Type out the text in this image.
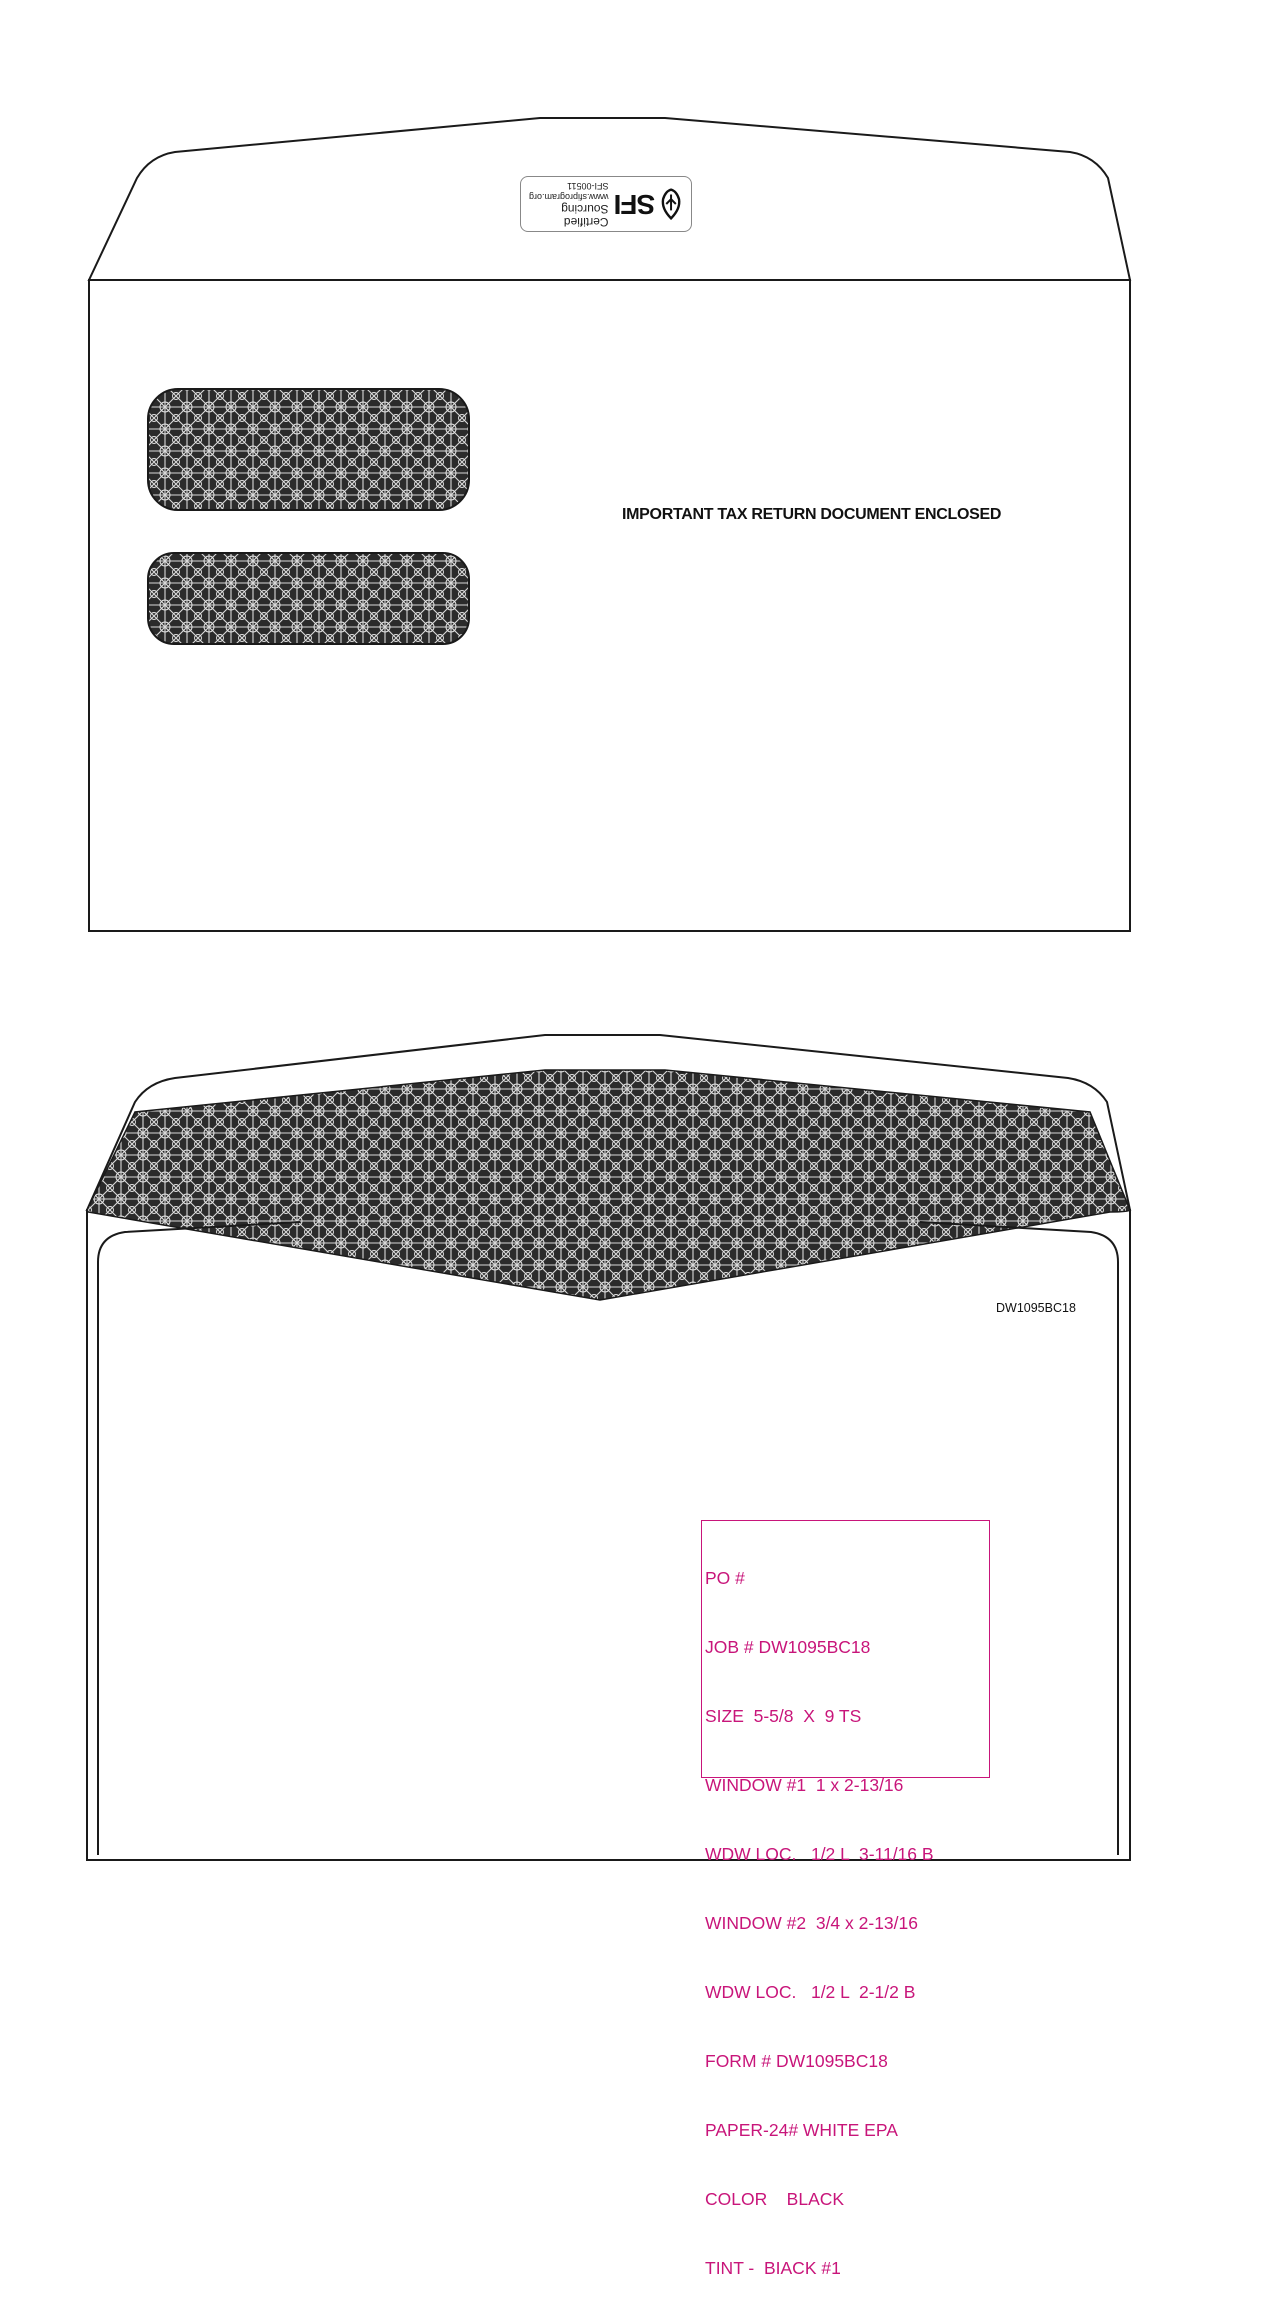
SFI
Certified Sourcing
www.sfiprogram.org
SFI-00511
IMPORTANT TAX RETURN DOCUMENT ENCLOSED
DW1095BC18

PO #

JOB # DW1095BC18

SIZE  5-5/8  X  9 TS

WINDOW #1  1 x 2-13/16

WDW LOC.   1/2 L  3-11/16 B

WINDOW #2  3/4 x 2-13/16

WDW LOC.   1/2 L  2-1/2 B

FORM # DW1095BC18

PAPER-24# WHITE EPA

COLOR    BLACK

TINT -  BIACK #1
